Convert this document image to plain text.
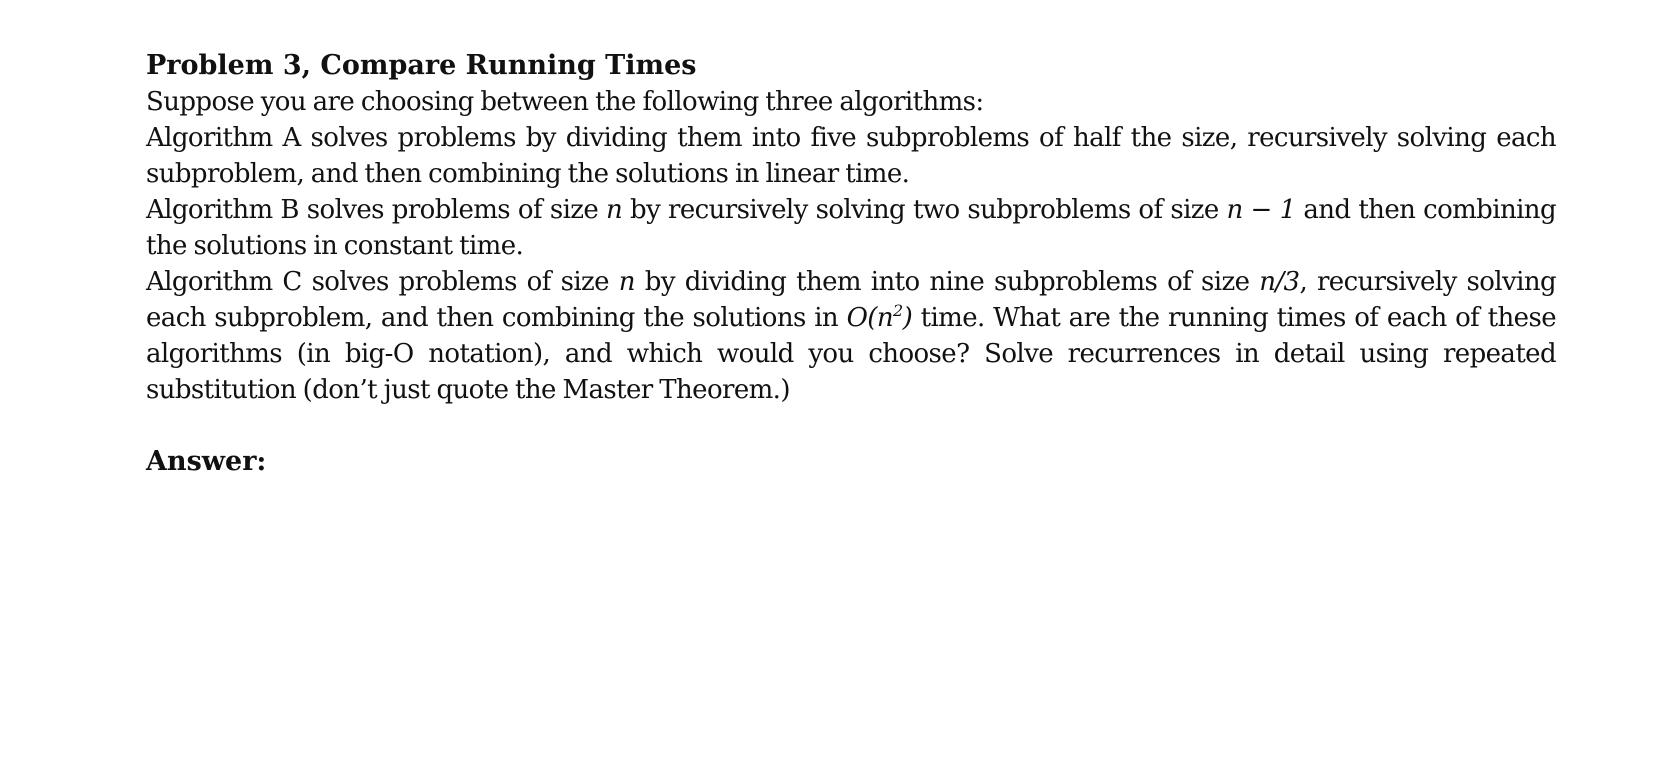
Problem 3, Compare Running Times

Suppose you are choosing between the following three algorithms:

Algorithm A solves problems by dividing them into five subproblems of half the size, recursively solving each subproblem, and then combining the solutions in linear time.

Algorithm B solves problems of size n by recursively solving two subproblems of size n − 1 and then combining the solutions in constant time.

Algorithm C solves problems of size n by dividing them into nine subproblems of size n/3, recursively solving each subproblem, and then combining the solutions in $O(n^2)$ time. What are the running times of each of these algorithms (in big-O notation), and which would you choose? Solve recurrences in detail using repeated substitution (don’t just quote the Master Theorem.)

Answer:
